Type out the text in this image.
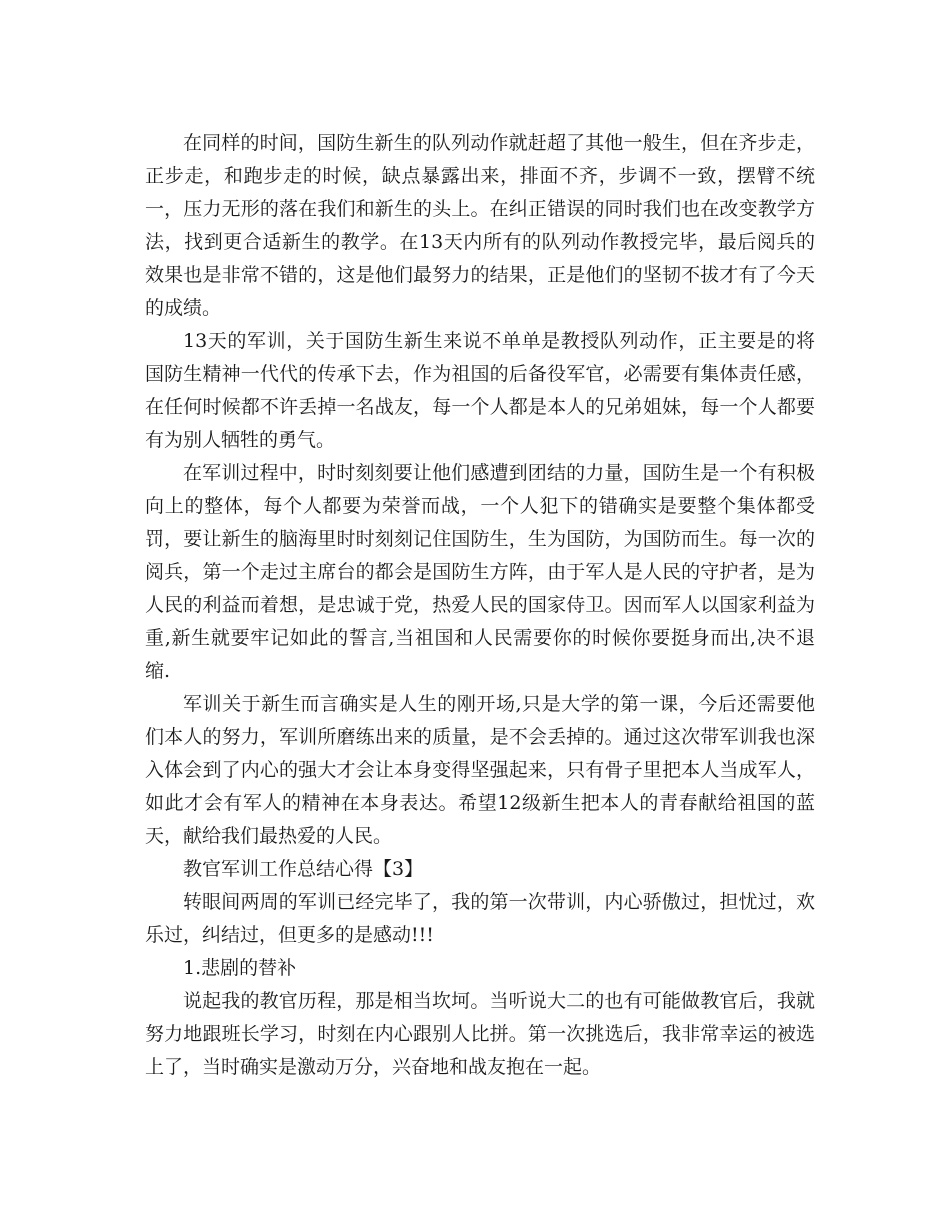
在同样的时间，国防生新生的队列动作就赶超了其他一般生，但在齐步走，正步走，和跑步走的时候，缺点暴露出来，排面不齐，步调不一致，摆臂不统一，压力无形的落在我们和新生的头上。在纠正错误的同时我们也在改变教学方法，找到更合适新生的教学。在13天内所有的队列动作教授完毕，最后阅兵的效果也是非常不错的，这是他们最努力的结果，正是他们的坚韧不拔才有了今天的成绩。

13天的军训，关于国防生新生来说不单单是教授队列动作，正主要是的将国防生精神一代代的传承下去，作为祖国的后备役军官，必需要有集体责任感，在任何时候都不许丢掉一名战友，每一个人都是本人的兄弟姐妹，每一个人都要有为别人牺牲的勇气。

在军训过程中，时时刻刻要让他们感遭到团结的力量，国防生是一个有积极向上的整体，每个人都要为荣誉而战，一个人犯下的错确实是要整个集体都受罚，要让新生的脑海里时时刻刻记住国防生，生为国防，为国防而生。每一次的阅兵，第一个走过主席台的都会是国防生方阵，由于军人是人民的守护者，是为人民的利益而着想，是忠诚于党，热爱人民的国家侍卫。因而军人以国家利益为重,新生就要牢记如此的誓言,当祖国和人民需要你的时候你要挺身而出,决不退缩.

军训关于新生而言确实是人生的刚开场,只是大学的第一课，今后还需要他们本人的努力，军训所磨练出来的质量，是不会丢掉的。通过这次带军训我也深入体会到了内心的强大才会让本身变得坚强起来，只有骨子里把本人当成军人，如此才会有军人的精神在本身表达。希望12级新生把本人的青春献给祖国的蓝天，献给我们最热爱的人民。

教官军训工作总结心得【3】

转眼间两周的军训已经完毕了，我的第一次带训，内心骄傲过，担忧过，欢乐过，纠结过，但更多的是感动!!!

1.悲剧的替补

说起我的教官历程，那是相当坎坷。当听说大二的也有可能做教官后，我就努力地跟班长学习，时刻在内心跟别人比拼。第一次挑选后，我非常幸运的被选上了，当时确实是激动万分，兴奋地和战友抱在一起。
